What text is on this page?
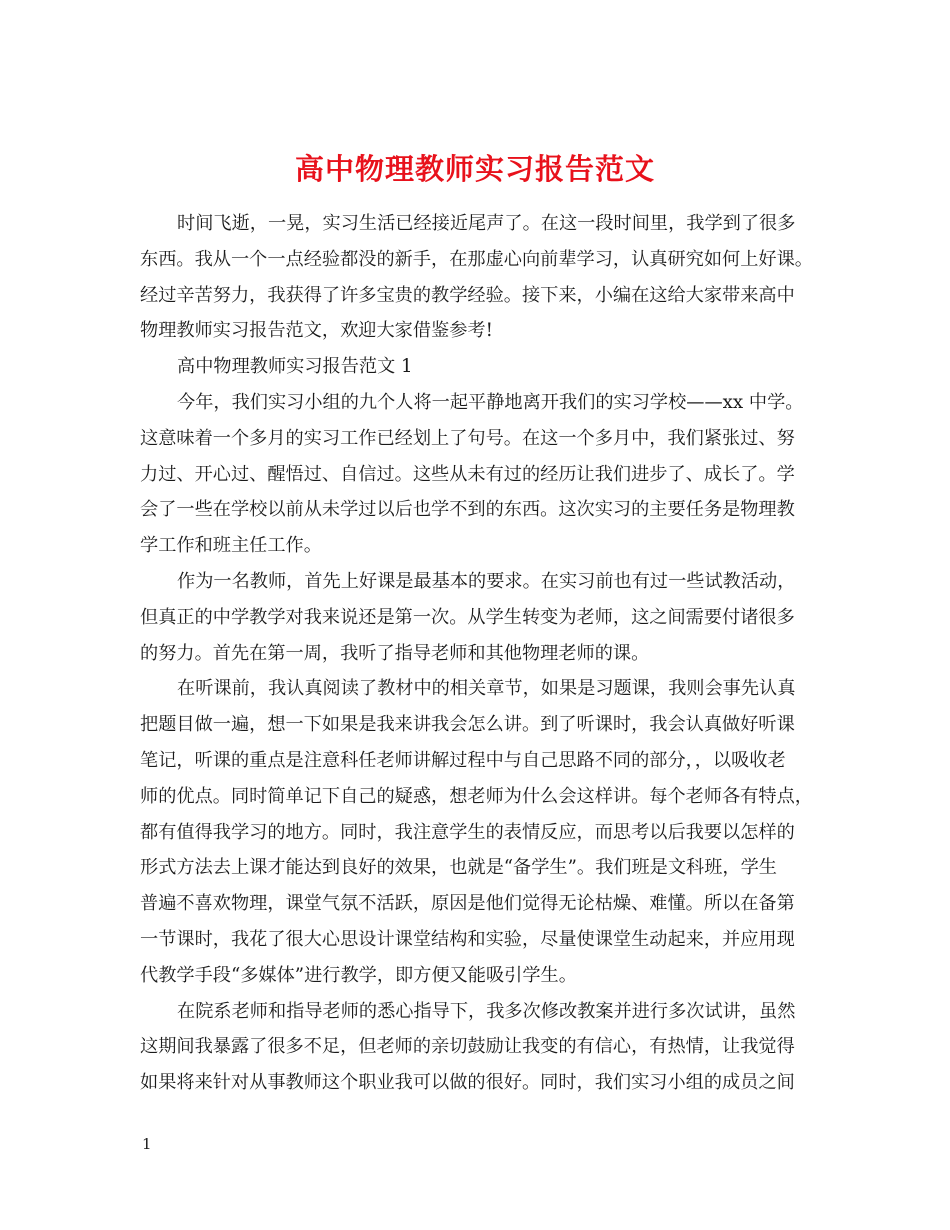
高中物理教师实习报告范文
时间飞逝，一晃，实习生活已经接近尾声了。在这一段时间里，我学到了很多
东西。我从一个一点经验都没的新手，在那虚心向前辈学习，认真研究如何上好课。
经过辛苦努力，我获得了许多宝贵的教学经验。接下来，小编在这给大家带来高中
物理教师实习报告范文，欢迎大家借鉴参考!
高中物理教师实习报告范文 1
今年，我们实习小组的九个人将一起平静地离开我们的实习学校——xx 中学。
这意味着一个多月的实习工作已经划上了句号。在这一个多月中，我们紧张过、努
力过、开心过、醒悟过、自信过。这些从未有过的经历让我们进步了、成长了。学
会了一些在学校以前从未学过以后也学不到的东西。这次实习的主要任务是物理教
学工作和班主任工作。
作为一名教师，首先上好课是最基本的要求。在实习前也有过一些试教活动，
但真正的中学教学对我来说还是第一次。从学生转变为老师，这之间需要付诸很多
的努力。首先在第一周，我听了指导老师和其他物理老师的课。
在听课前，我认真阅读了教材中的相关章节，如果是习题课，我则会事先认真
把题目做一遍，想一下如果是我来讲我会怎么讲。到了听课时，我会认真做好听课
笔记，听课的重点是注意科任老师讲解过程中与自己思路不同的部分，，以吸收老
师的优点。同时简单记下自己的疑惑，想老师为什么会这样讲。每个老师各有特点，
都有值得我学习的地方。同时，我注意学生的表情反应，而思考以后我要以怎样的
形式方法去上课才能达到良好的效果，也就是“备学生”。我们班是文科班，学生
普遍不喜欢物理，课堂气氛不活跃，原因是他们觉得无论枯燥、难懂。所以在备第
一节课时，我花了很大心思设计课堂结构和实验，尽量使课堂生动起来，并应用现
代教学手段“多媒体”进行教学，即方便又能吸引学生。
在院系老师和指导老师的悉心指导下，我多次修改教案并进行多次试讲，虽然
这期间我暴露了很多不足，但老师的亲切鼓励让我变的有信心，有热情，让我觉得
如果将来针对从事教师这个职业我可以做的很好。同时，我们实习小组的成员之间
1
